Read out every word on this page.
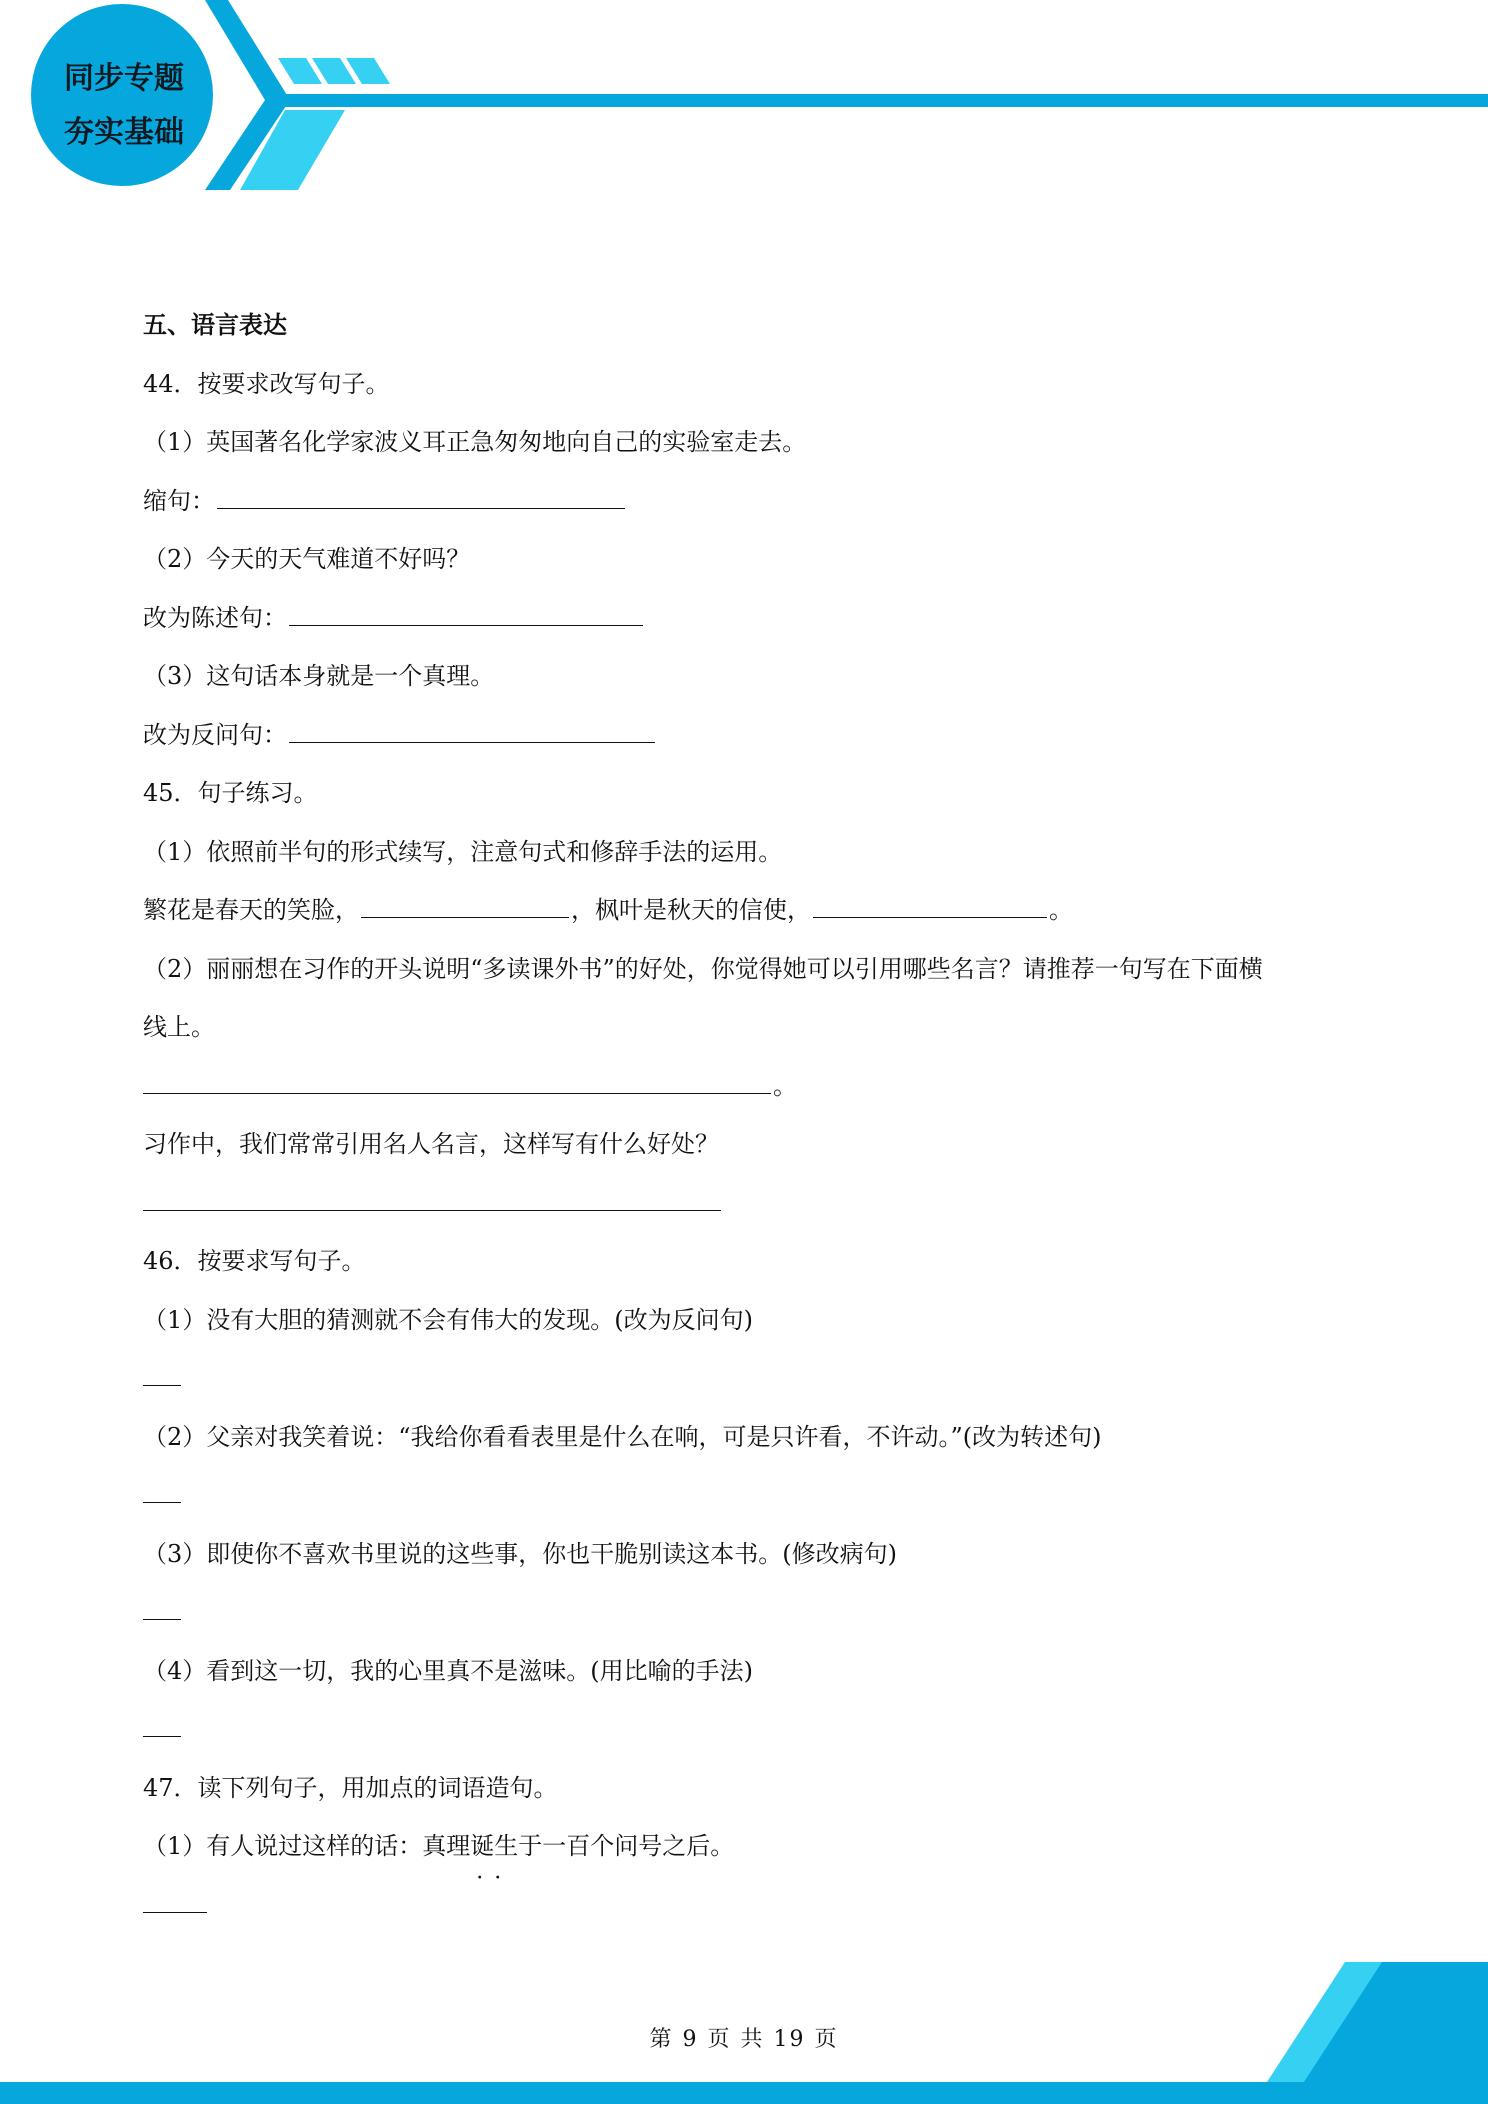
同步专题
夯实基础
五、语言表达
44．按要求改写句子。
（1）英国著名化学家波义耳正急匆匆地向自己的实验室走去。
缩句：
（2）今天的天气难道不好吗？
改为陈述句：
（3）这句话本身就是一个真理。
改为反问句：
45．句子练习。
（1）依照前半句的形式续写，注意句式和修辞手法的运用。
繁花是春天的笑脸，	，枫叶是秋天的信使，	。
（2）丽丽想在习作的开头说明“多读课外书”的好处，你觉得她可以引用哪些名言？请推荐一句写在下面横
线上。
。
习作中，我们常常引用名人名言，这样写有什么好处？
46．按要求写句子。
（1）没有大胆的猜测就不会有伟大的发现。(改为反问句)
（2）父亲对我笑着说：“我给你看看表里是什么在响，可是只许看，不许动。”(改为转述句)
（3）即使你不喜欢书里说的这些事，你也干脆别读这本书。(修改病句)
（4）看到这一切，我的心里真不是滋味。(用比喻的手法)
47．读下列句子，用加点的词语造句。
（1）有人说过这样的话：真理诞生 · ·于一百个问号之后。
第 9 页 共 19 页
